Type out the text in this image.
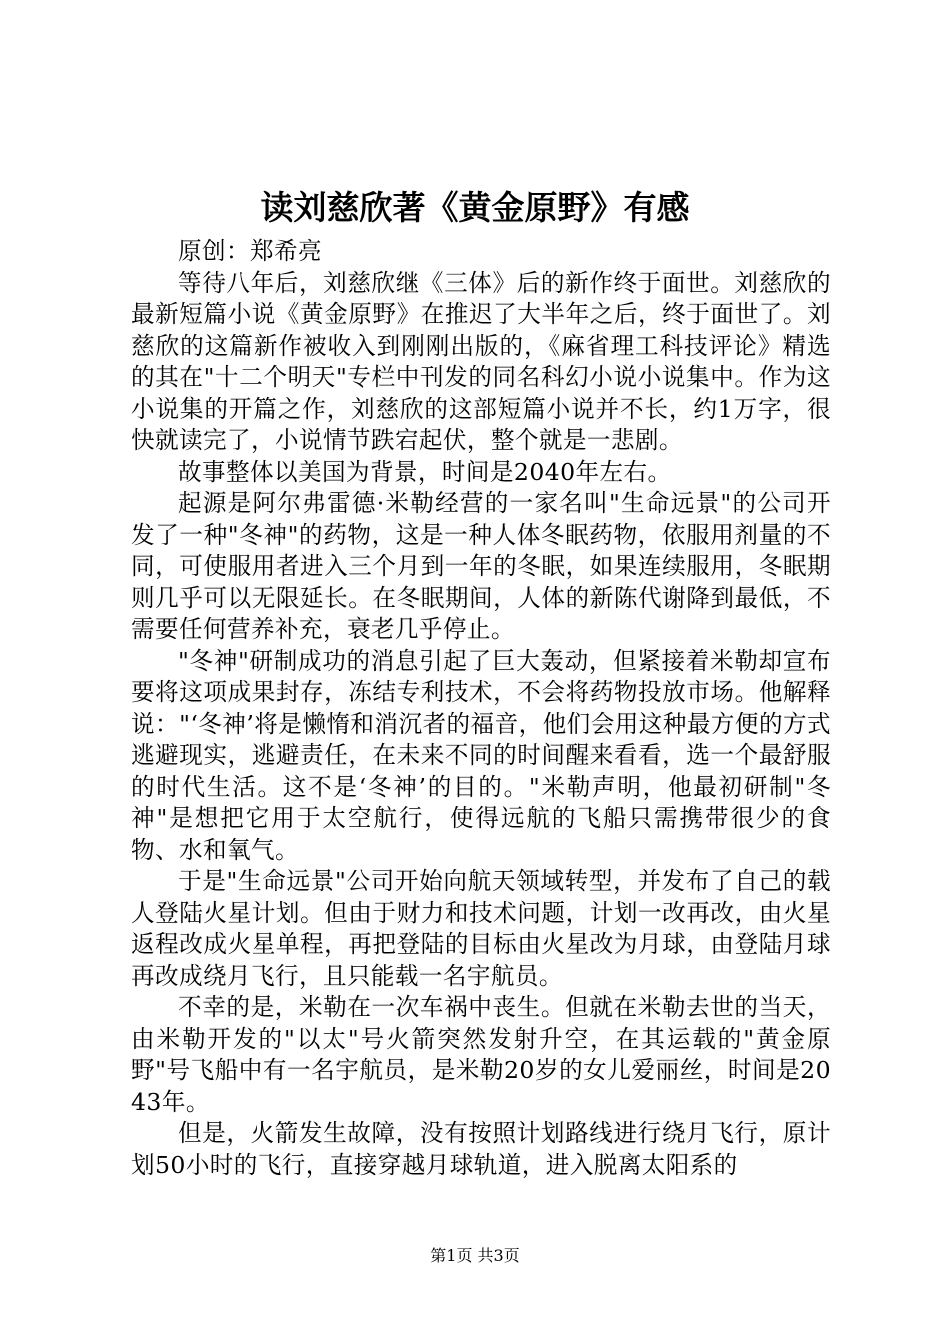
读刘慈欣著《黄金原野》有感

原创：郑希亮

等待八年后，刘慈欣继《三体》后的新作终于面世。刘慈欣的最新短篇小说《黄金原野》在推迟了大半年之后，终于面世了。刘慈欣的这篇新作被收入到刚刚出版的，《麻省理工科技评论》精选的其在"十二个明天"专栏中刊发的同名科幻小说小说集中。作为这小说集的开篇之作，刘慈欣的这部短篇小说并不长，约1万字，很快就读完了，小说情节跌宕起伏，整个就是一悲剧。

故事整体以美国为背景，时间是2040年左右。

起源是阿尔弗雷德·米勒经营的一家名叫"生命远景"的公司开发了一种"冬神"的药物，这是一种人体冬眠药物，依服用剂量的不同，可使服用者进入三个月到一年的冬眠，如果连续服用，冬眠期则几乎可以无限延长。在冬眠期间，人体的新陈代谢降到最低，不需要任何营养补充，衰老几乎停止。

"冬神"研制成功的消息引起了巨大轰动，但紧接着米勒却宣布要将这项成果封存，冻结专利技术，不会将药物投放市场。他解释说："‘冬神’将是懒惰和消沉者的福音，他们会用这种最方便的方式逃避现实，逃避责任，在未来不同的时间醒来看看，选一个最舒服的时代生活。这不是‘冬神’的目的。"米勒声明，他最初研制"冬神"是想把它用于太空航行，使得远航的飞船只需携带很少的食物、水和氧气。

于是"生命远景"公司开始向航天领域转型，并发布了自己的载人登陆火星计划。但由于财力和技术问题，计划一改再改，由火星返程改成火星单程，再把登陆的目标由火星改为月球，由登陆月球再改成绕月飞行，且只能载一名宇航员。

不幸的是，米勒在一次车祸中丧生。但就在米勒去世的当天，由米勒开发的"以太"号火箭突然发射升空，在其运载的"黄金原野"号飞船中有一名宇航员，是米勒20岁的女儿爱丽丝，时间是2043年。

但是，火箭发生故障，没有按照计划路线进行绕月飞行，原计划50小时的飞行，直接穿越月球轨道，进入脱离太阳系的

第1页 共3页
